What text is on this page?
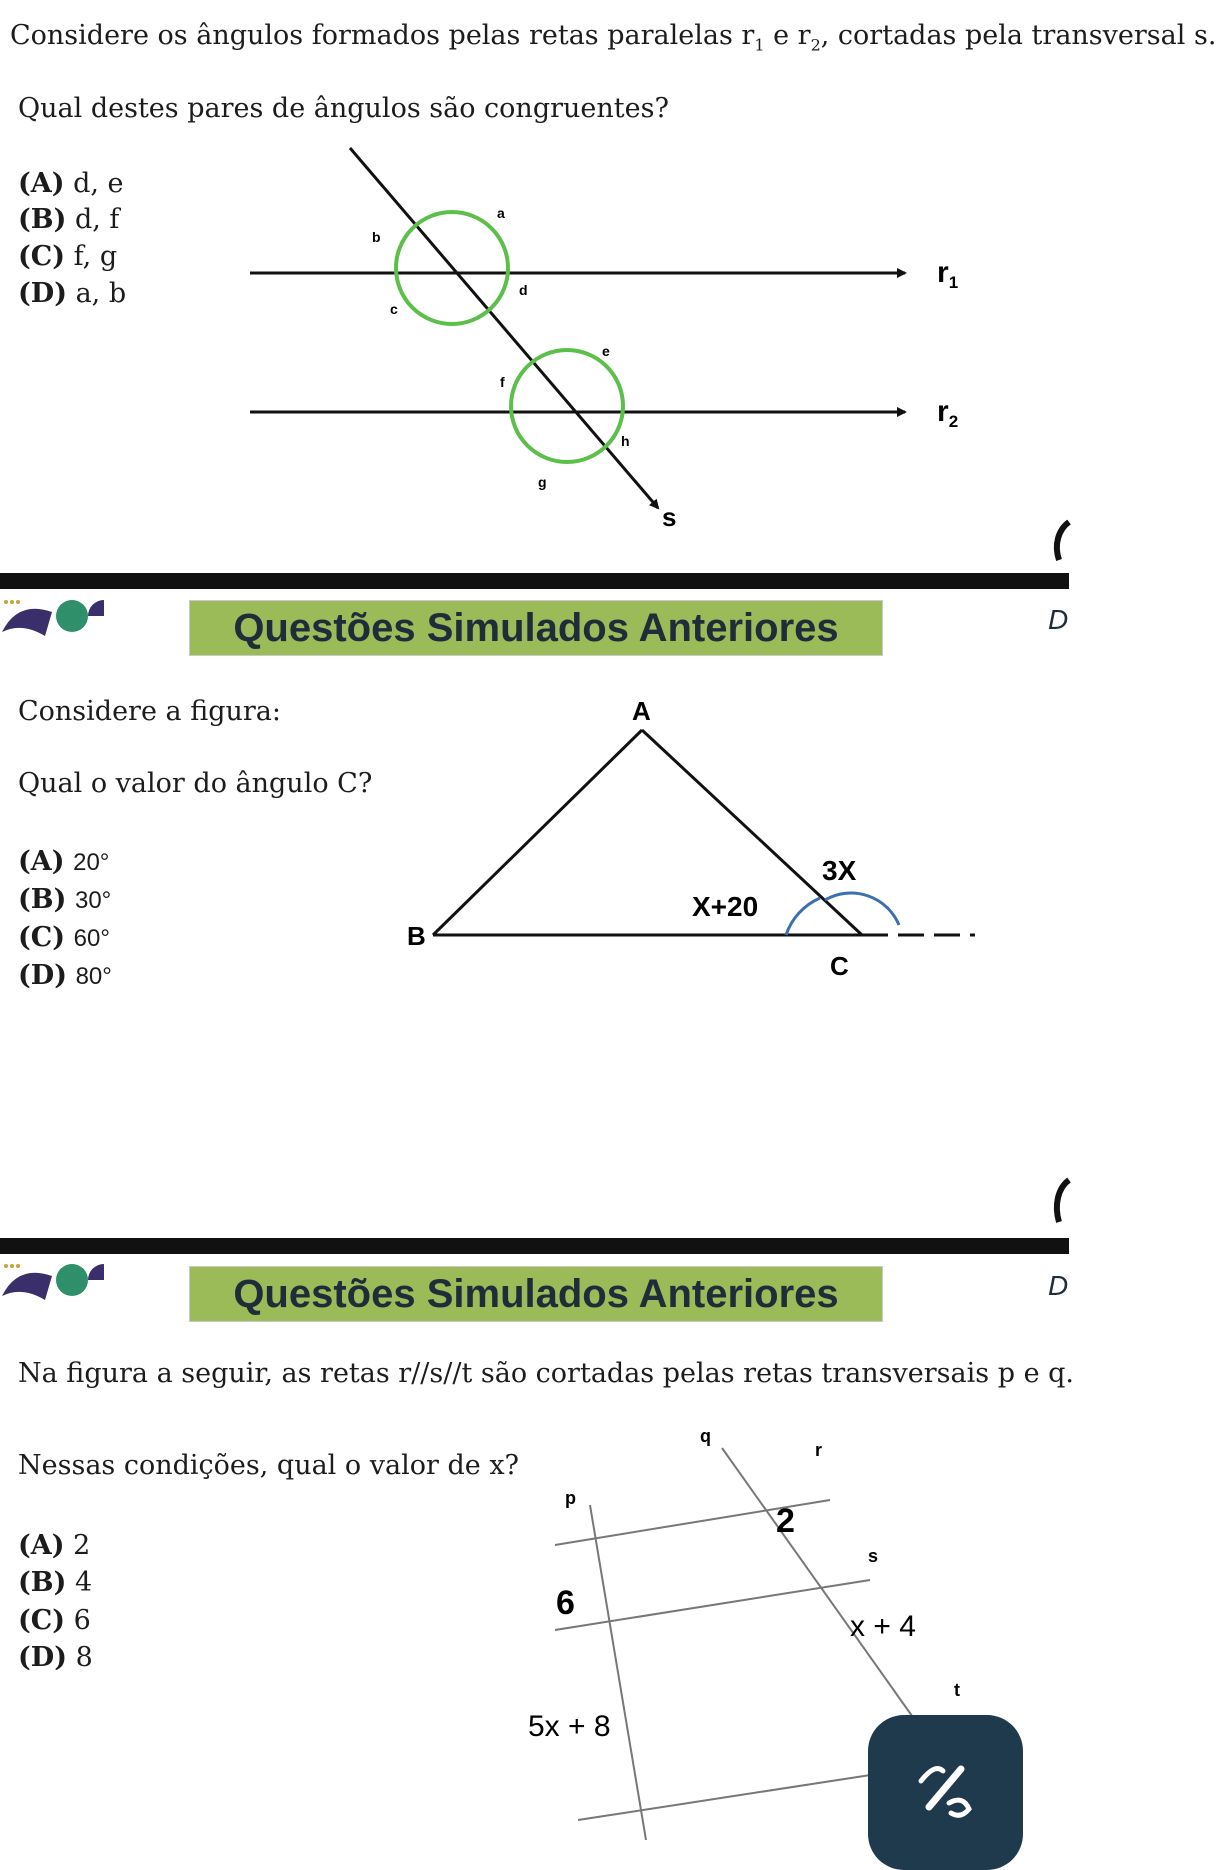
Considere os ângulos formados pelas retas paralelas $r_1$ e $r_2$, cortadas pela transversal s.

Qual destes pares de ângulos são congruentes?

(A) d, e

(B) d, f

(C) f, g

(D) a, b

a
b
c
d
e
f
g
h
$r_1$
$r_2$
s
Questões Simulados Anteriores	D

Considere a figura:

Qual o valor do ângulo C?

(A) 20°

(B) 30°

(C) 60°

(D) 80°

A
B
C
3X
X+20
Questões Simulados Anteriores	D

Na figura a seguir, as retas r//s//t são cortadas pelas retas transversais p e q.

Nessas condições, qual o valor de x?

(A) 2

(B) 4

(C) 6

(D) 8

q
r
p
s
t
2
6
x + 4
5x + 8
